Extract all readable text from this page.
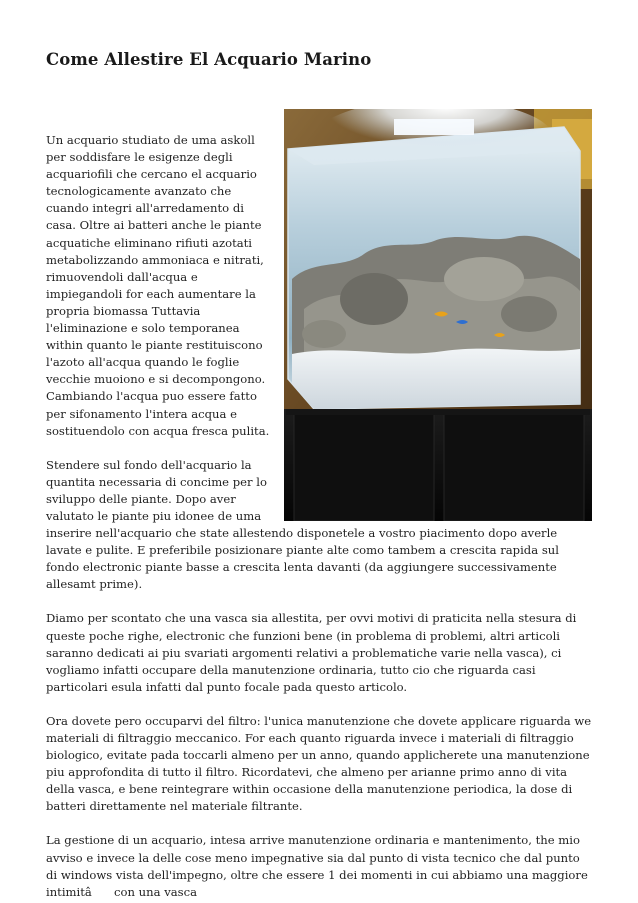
Come Allestire El Acquario Marino

Un acquario studiato de uma askoll per soddisfare le esigenze degli acquariofili che cercano el acquario tecnologicamente avanzato che cuando integri all'arredamento di casa. Oltre ai batteri anche le piante acquatiche eliminano rifiuti azotati metabolizzando ammoniaca e nitrati, rimuovendoli dall'acqua e impiegandoli for each aumentare la propria biomassa Tuttavia l'eliminazione e solo temporanea within quanto le piante restituiscono l'azoto all'acqua quando le foglie vecchie muoiono e si decompongono. Cambiando l'acqua puo essere fatto per sifonamento l'intera acqua e sostituendolo con acqua fresca pulita.

Stendere sul fondo dell'acquario la quantita necessaria di concime per lo sviluppo delle piante. Dopo aver valutato le piante piu idonee de uma inserire nell'acquario che state allestendo disponetele a vostro piacimento dopo averle lavate e pulite. E preferibile posizionare piante alte como tambem a crescita rapida sul fondo electronic piante basse a crescita lenta davanti (da aggiungere successivamente allesamt prime).

Diamo per scontato che una vasca sia allestita, per ovvi motivi di praticita nella stesura di queste poche righe, electronic che funzioni bene (in problema di problemi, altri articoli saranno dedicati ai piu svariati argomenti relativi a problematiche varie nella vasca), ci vogliamo infatti occupare della manutenzione ordinaria, tutto cio che riguarda casi particolari esula infatti dal punto focale pada questo articolo.

Ora dovete pero occuparvi del filtro: l'unica manutenzione che dovete applicare riguarda we materiali di filtraggio meccanico. For each quanto riguarda invece i materiali di filtraggio biologico, evitate pada toccarli almeno per un anno, quando applicherete una manutenzione piu approfondita di tutto il filtro. Ricordatevi, che almeno per arianne primo anno di vita della vasca, e bene reintegrare within occasione della manutenzione periodica, la dose di batteri direttamente nel materiale filtrante.

La gestione di un acquario, intesa arrive manutenzione ordinaria e mantenimento, the mio avviso e invece la delle cose meno impegnative sia dal punto di vista tecnico che dal punto di windows vista dell'impegno, oltre che essere 1 dei momenti in cui abbiamo una maggiore intimitâ con una vasca
